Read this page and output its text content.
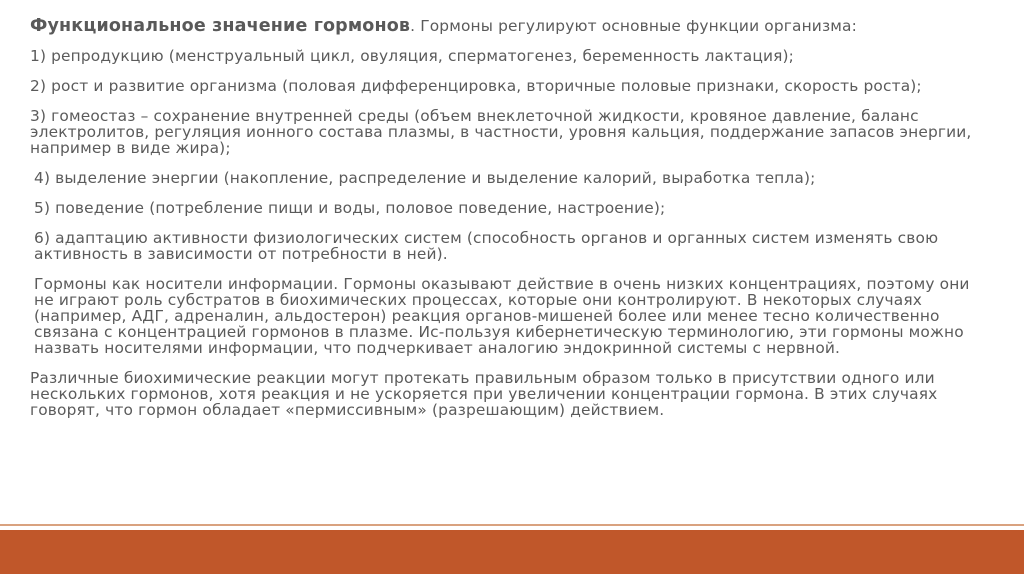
Функциональное значение гормонов. Гормоны регулируют основные функции организма:

1) репродукцию (менструальный цикл, овуляция, сперматогенез, беременность лактация);

2) рост и развитие организма (половая дифференцировка, вторичные половые признаки, скорость роста);

3) гомеостаз – сохранение внутренней среды (объем внеклеточной жидкости, кровяное давление, баланс электролитов, регуляция ионного состава плазмы, в частности, уровня кальция, поддержание запасов энергии, например в виде жира);

4) выделение энергии (накопление, распределение и выделение калорий, выработка тепла);

5) поведение (потребление пищи и воды, половое поведение, настроение);

6) адаптацию активности физиологических систем (способность органов и органных систем изменять свою активность в зависимости от потребности в ней).

Гормоны как носители информации. Гормоны оказывают действие в очень низких концентрациях, поэтому они не играют роль субстратов в биохимических процессах, которые они контролируют. В некоторых случаях (например, АДГ, адреналин, альдостерон) реакция органов-мишеней более или менее тесно количественно связана с концентрацией гормонов в плазме. Ис-пользуя кибернетическую терминологию, эти гормоны можно назвать носителями информации, что подчеркивает аналогию эндокринной системы с нервной.

Различные биохимические реакции могут протекать правильным образом только в присутствии одного или нескольких гормонов, хотя реакция и не ускоряется при увеличении концентрации гормона. В этих случаях говорят, что гормон обладает «пермиссивным» (разрешающим) действием.
